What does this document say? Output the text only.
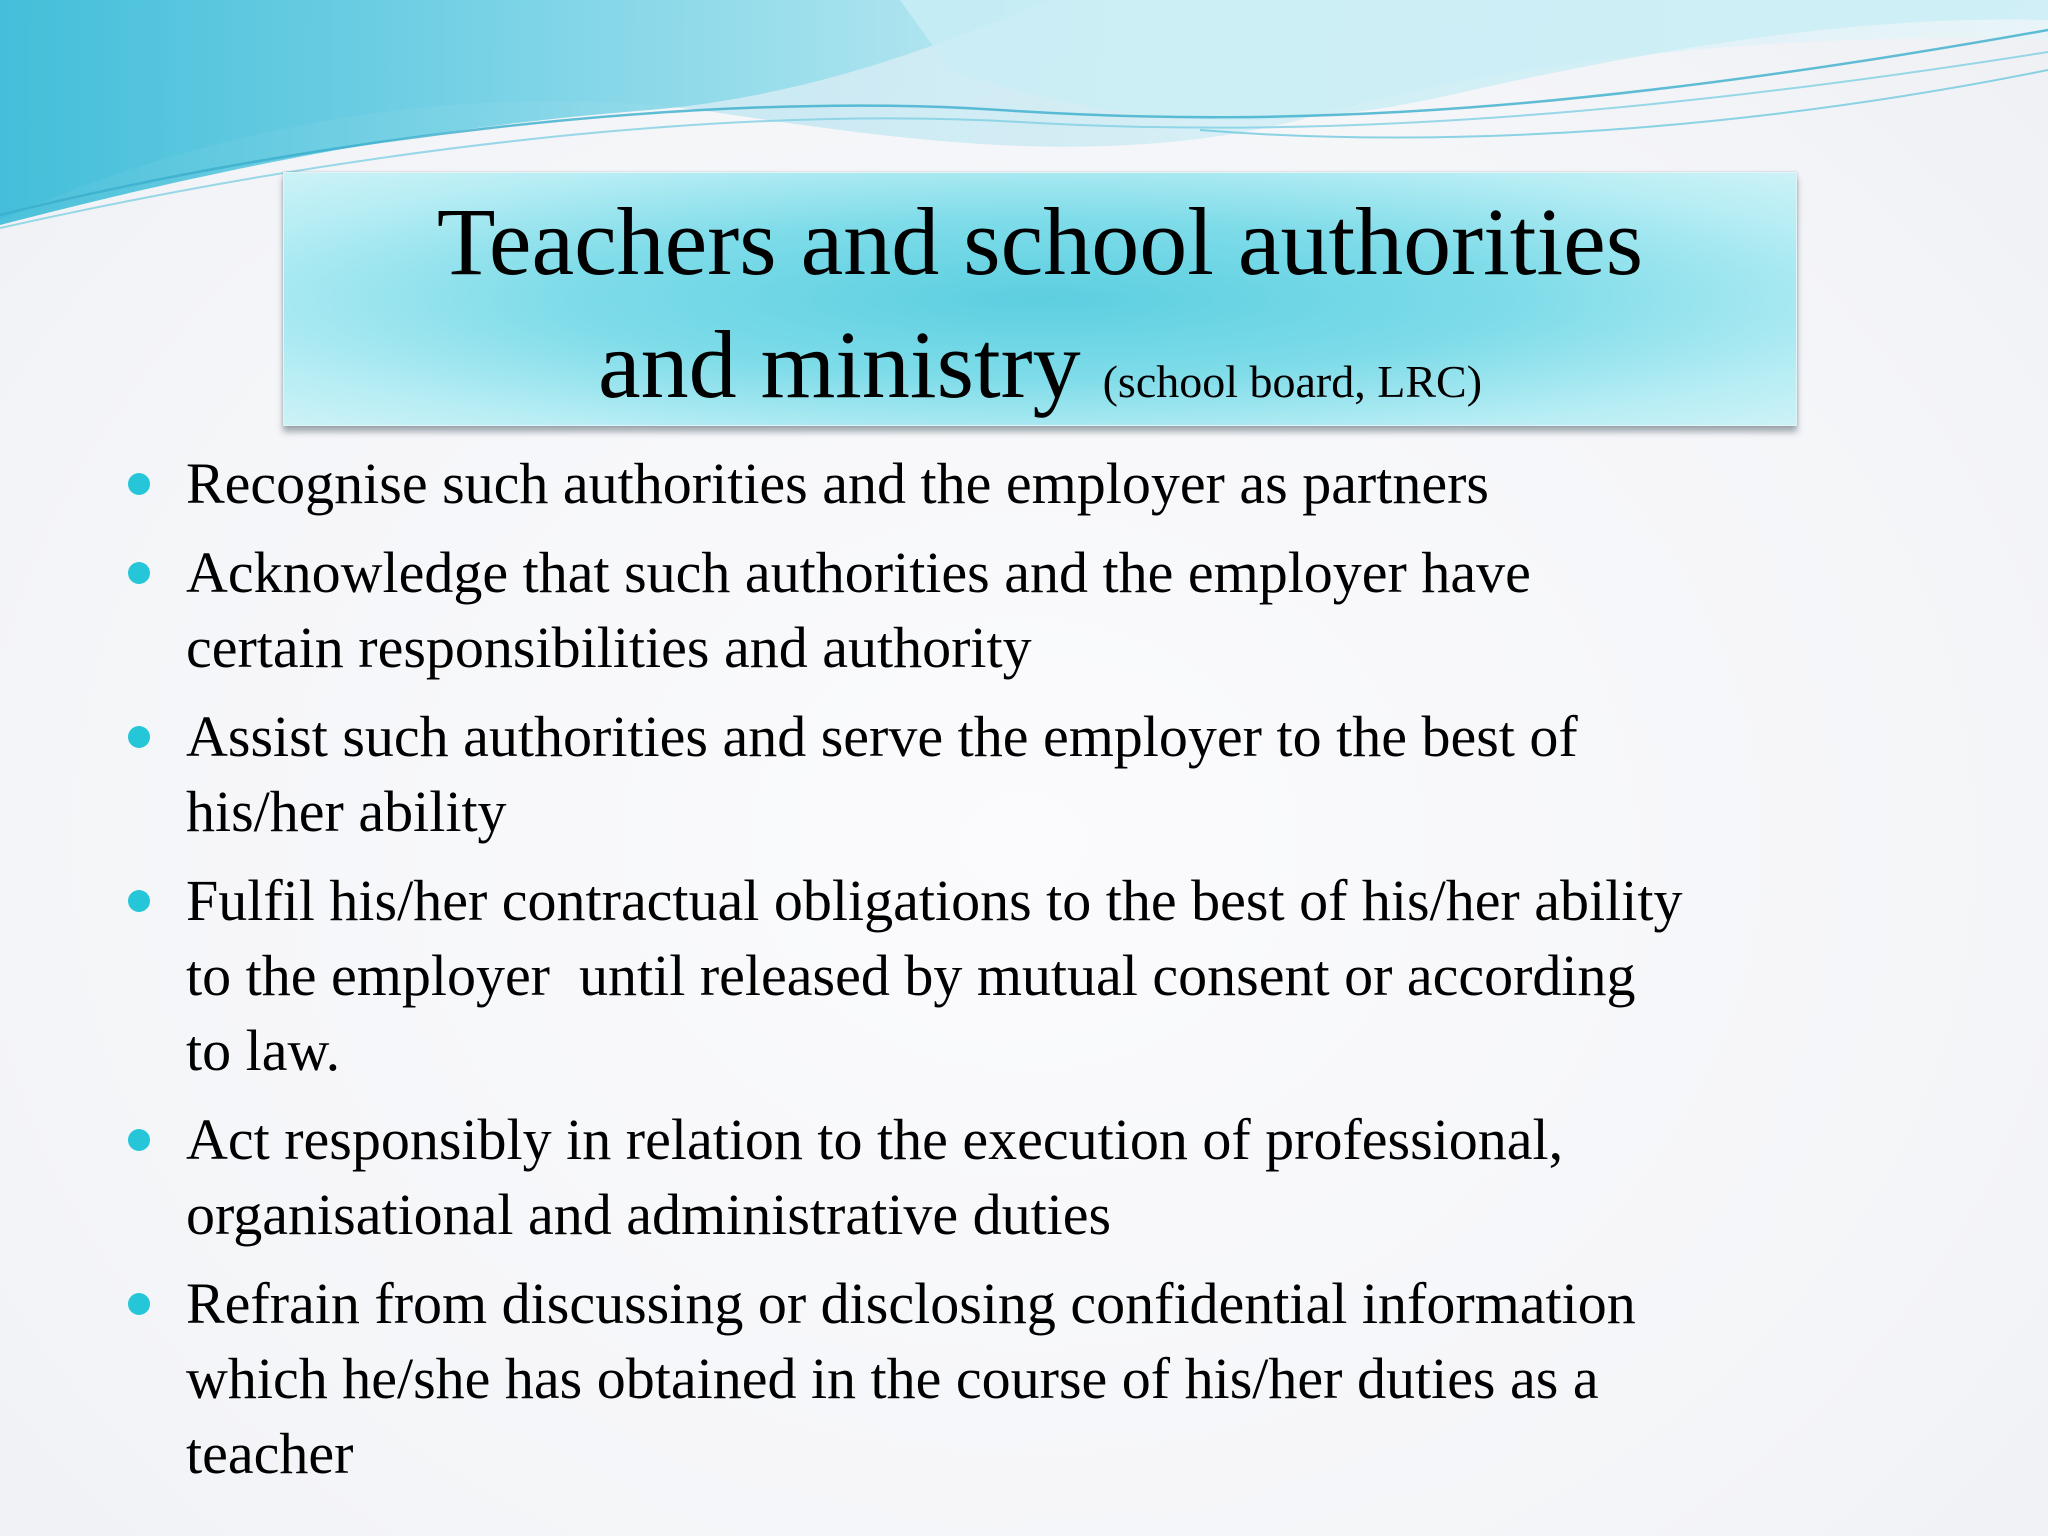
Teachers and school authorities
and ministry (school board, LRC)
Recognise such authorities and the employer as partners
Acknowledge that such authorities and the employer have
certain responsibilities and authority
Assist such authorities and serve the employer to the best of
his/her ability
Fulfil his/her contractual obligations to the best of his/her ability
to the employer  until released by mutual consent or according
to law.
Act responsibly in relation to the execution of professional,
organisational and administrative duties
Refrain from discussing or disclosing confidential information
which he/she has obtained in the course of his/her duties as a
teacher
